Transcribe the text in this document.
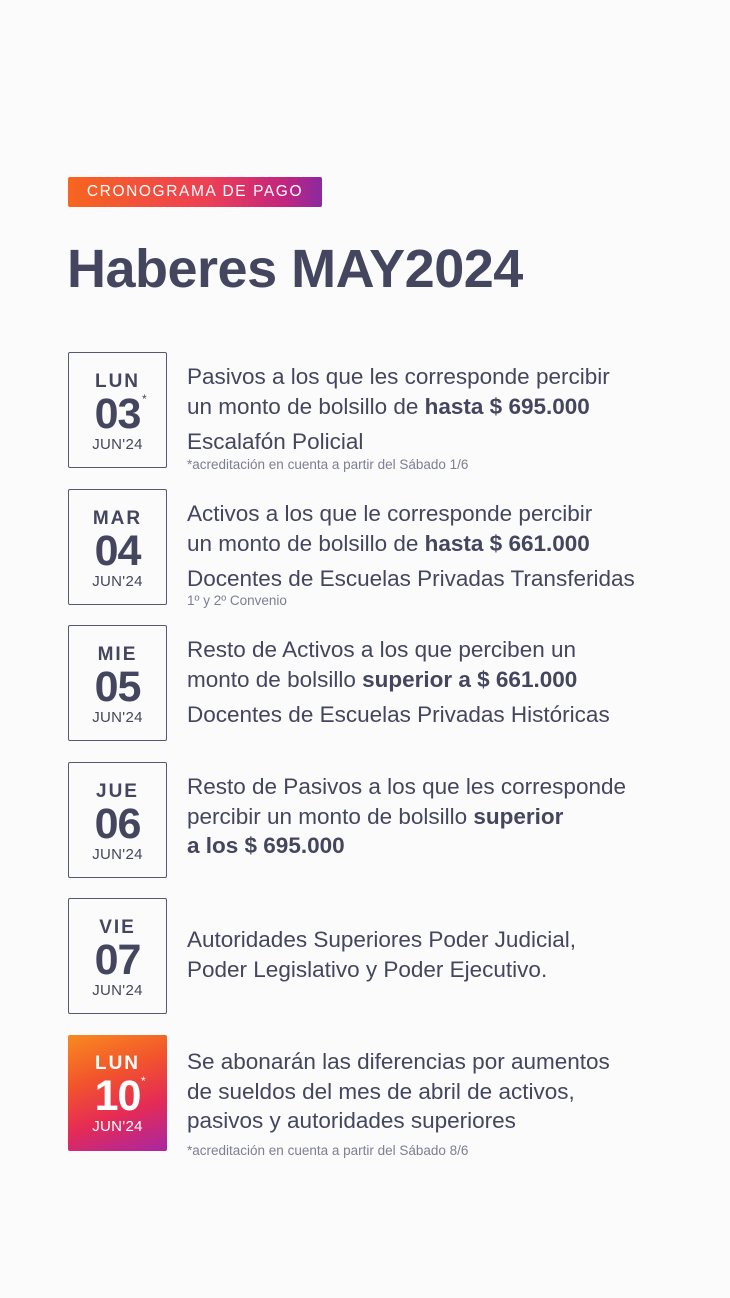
CRONOGRAMA DE PAGO
Haberes MAY2024
LUN
03 *
JUN'24

Pasivos a los que les corresponde percibir
un monto de bolsillo de hasta $ 695.000

Escalafón Policial

*acreditación en cuenta a partir del Sábado 1/6

MAR
04
JUN'24

Activos a los que le corresponde percibir
un monto de bolsillo de hasta $ 661.000

Docentes de Escuelas Privadas Transferidas

1º y 2º Convenio

MIE
05
JUN'24

Resto de Activos a los que perciben un
monto de bolsillo superior a $ 661.000

Docentes de Escuelas Privadas Históricas

JUE
06
JUN'24

Resto de Pasivos a los que les corresponde
percibir un monto de bolsillo superior
a los $ 695.000

VIE
07
JUN'24

Autoridades Superiores Poder Judicial,
Poder Legislativo y Poder Ejecutivo.

LUN
10 *
JUN'24

Se abonarán las diferencias por aumentos
de sueldos del mes de abril de activos,
pasivos y autoridades superiores

*acreditación en cuenta a partir del Sábado 8/6
